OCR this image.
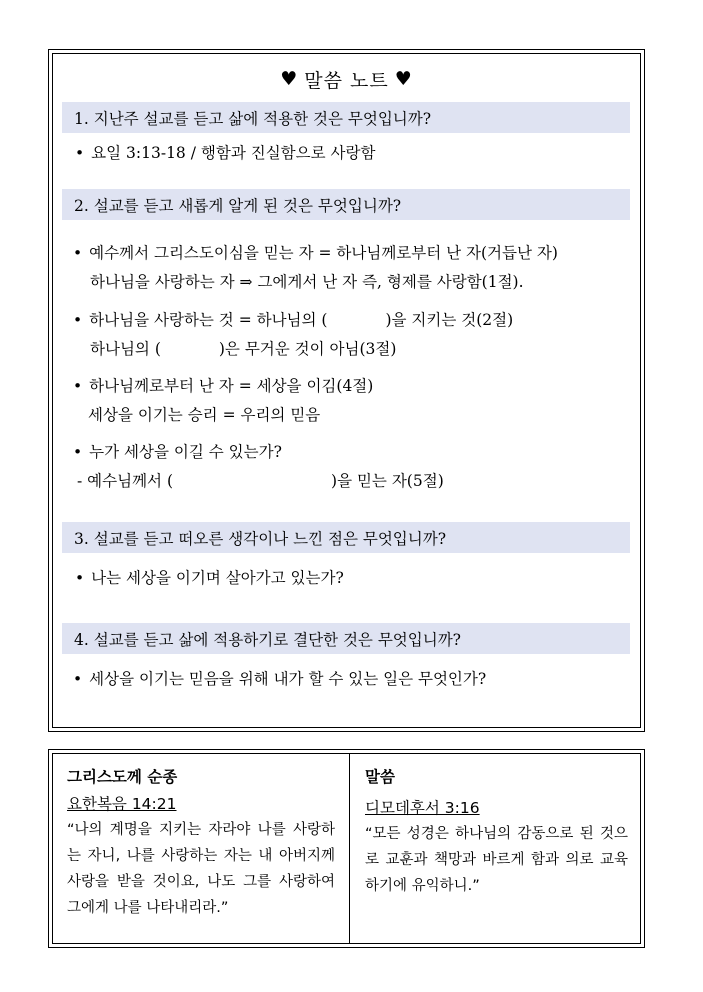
♥ 말씀 노트 ♥
1. 지난주 설교를 듣고 삶에 적용한 것은 무엇입니까?
• 요일 3:13-18 / 행함과 진실함으로 사랑함
2. 설교를 듣고 새롭게 알게 된 것은 무엇입니까?
• 예수께서 그리스도이심을 믿는 자 = 하나님께로부터 난 자(거듭난 자)
하나님을 사랑하는 자 ⇒ 그에게서 난 자 즉, 형제를 사랑함(1절).
• 하나님을 사랑하는 것 = 하나님의 (	)을 지키는 것(2절)
하나님의 (	)은 무거운 것이 아님(3절)
• 하나님께로부터 난 자 = 세상을 이김(4절)
세상을 이기는 승리 = 우리의 믿음
• 누가 세상을 이길 수 있는가?
- 예수님께서 (	)을 믿는 자(5절)
3. 설교를 듣고 떠오른 생각이나 느낀 점은 무엇입니까?
• 나는 세상을 이기며 살아가고 있는가?
4. 설교를 듣고 삶에 적용하기로 결단한 것은 무엇입니까?
• 세상을 이기는 믿음을 위해 내가 할 수 있는 일은 무엇인가?
그리스도께 순종
요한복음 14:21
“나의 계명을 지키는 자라야 나를 사랑하는 자니, 나를 사랑하는 자는 내 아버지께 사랑을 받을 것이요, 나도 그를 사랑하여 그에게 나를 나타내리라.”
말씀
디모데후서 3:16
“모든 성경은 하나님의 감동으로 된 것으로 교훈과 책망과 바르게 함과 의로 교육하기에 유익하니.”
